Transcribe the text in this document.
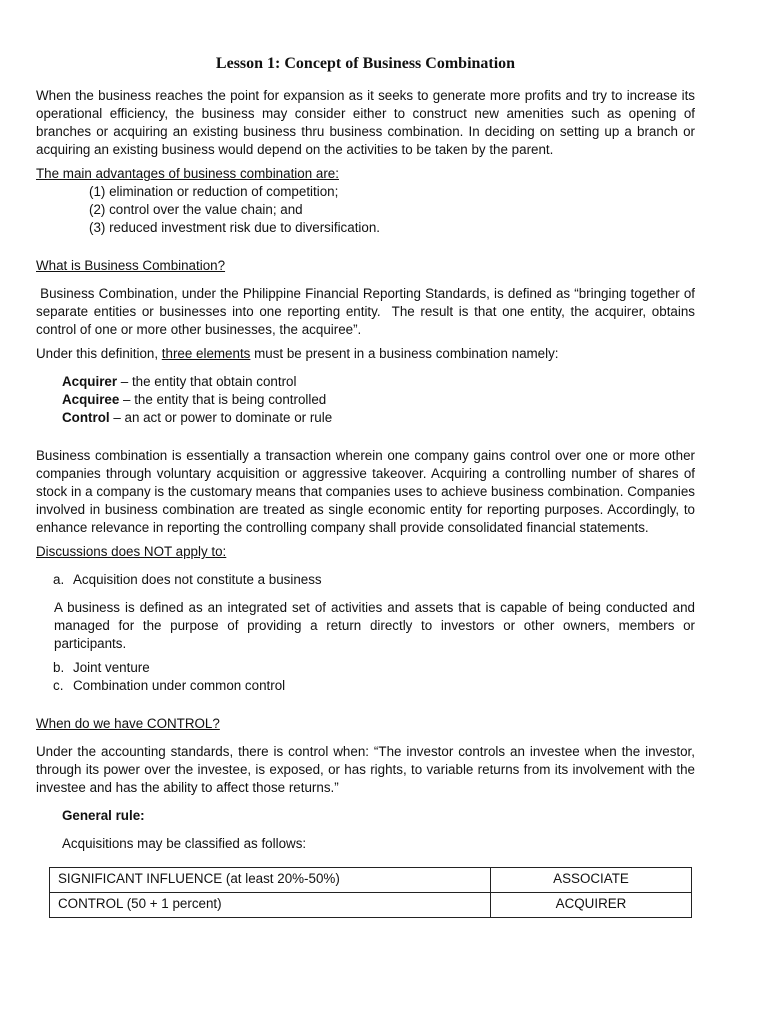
Lesson 1: Concept of Business Combination

When the business reaches the point for expansion as it seeks to generate more profits and try to increase its operational efficiency, the business may consider either to construct new amenities such as opening of branches or acquiring an existing business thru business combination. In deciding on setting up a branch or acquiring an existing business would depend on the activities to be taken by the parent.

The main advantages of business combination are:

(1) elimination or reduction of competition;
(2) control over the value chain; and
(3) reduced investment risk due to diversification.

What is Business Combination?

Business Combination, under the Philippine Financial Reporting Standards, is defined as “bringing together of separate entities or businesses into one reporting entity.  The result is that one entity, the acquirer, obtains control of one or more other businesses, the acquiree”.

Under this definition, three elements must be present in a business combination namely:

Acquirer – the entity that obtain control
Acquiree – the entity that is being controlled
Control – an act or power to dominate or rule

Business combination is essentially a transaction wherein one company gains control over one or more other companies through voluntary acquisition or aggressive takeover. Acquiring a controlling number of shares of stock in a company is the customary means that companies uses to achieve business combination. Companies involved in business combination are treated as single economic entity for reporting purposes. Accordingly, to enhance relevance in reporting the controlling company shall provide consolidated financial statements.

Discussions does NOT apply to:

a. Acquisition does not constitute a business

A business is defined as an integrated set of activities and assets that is capable of being conducted and managed for the purpose of providing a return directly to investors or other owners, members or participants.

b. Joint venture
c. Combination under common control

When do we have CONTROL?

Under the accounting standards, there is control when: “The investor controls an investee when the investor, through its power over the investee, is exposed, or has rights, to variable returns from its involvement with the investee and has the ability to affect those returns.”

General rule:

Acquisitions may be classified as follows:

SIGNIFICANT INFLUENCE (at least 20%-50%)	ASSOCIATE
CONTROL (50 + 1 percent)	ACQUIRER
